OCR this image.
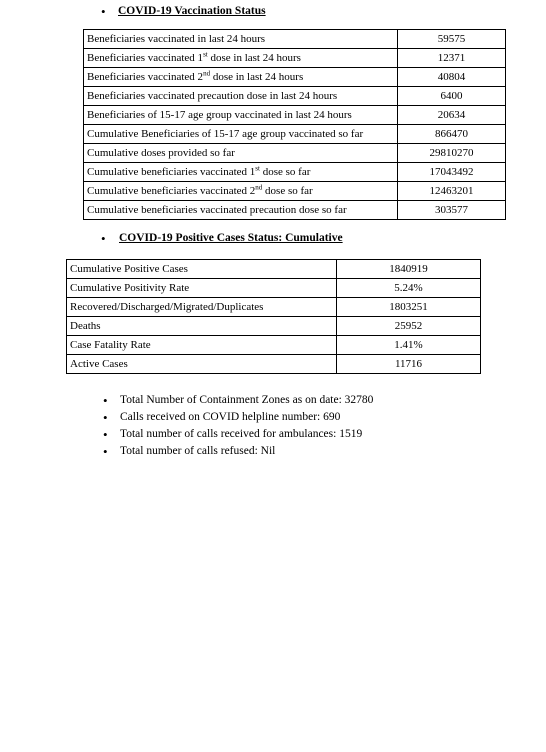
• COVID-19 Vaccination Status
Beneficiaries vaccinated in last 24 hours	59575
Beneficiaries vaccinated 1st dose in last 24 hours	12371
Beneficiaries vaccinated 2nd dose in last 24 hours	40804
Beneficiaries vaccinated precaution dose in last 24 hours	6400
Beneficiaries of 15-17 age group vaccinated in last 24 hours	20634
Cumulative Beneficiaries of 15-17 age group vaccinated so far	866470
Cumulative doses provided so far	29810270
Cumulative beneficiaries vaccinated 1st dose so far	17043492
Cumulative beneficiaries vaccinated 2nd dose so far	12463201
Cumulative beneficiaries vaccinated precaution dose so far	303577
• COVID-19 Positive Cases Status: Cumulative
Cumulative Positive Cases	1840919
Cumulative Positivity Rate	5.24%
Recovered/Discharged/Migrated/Duplicates	1803251
Deaths	25952
Case Fatality Rate	1.41%
Active Cases	11716
• Total Number of Containment Zones as on date: 32780
• Calls received on COVID helpline number: 690
• Total number of calls received for ambulances: 1519
• Total number of calls refused: Nil
